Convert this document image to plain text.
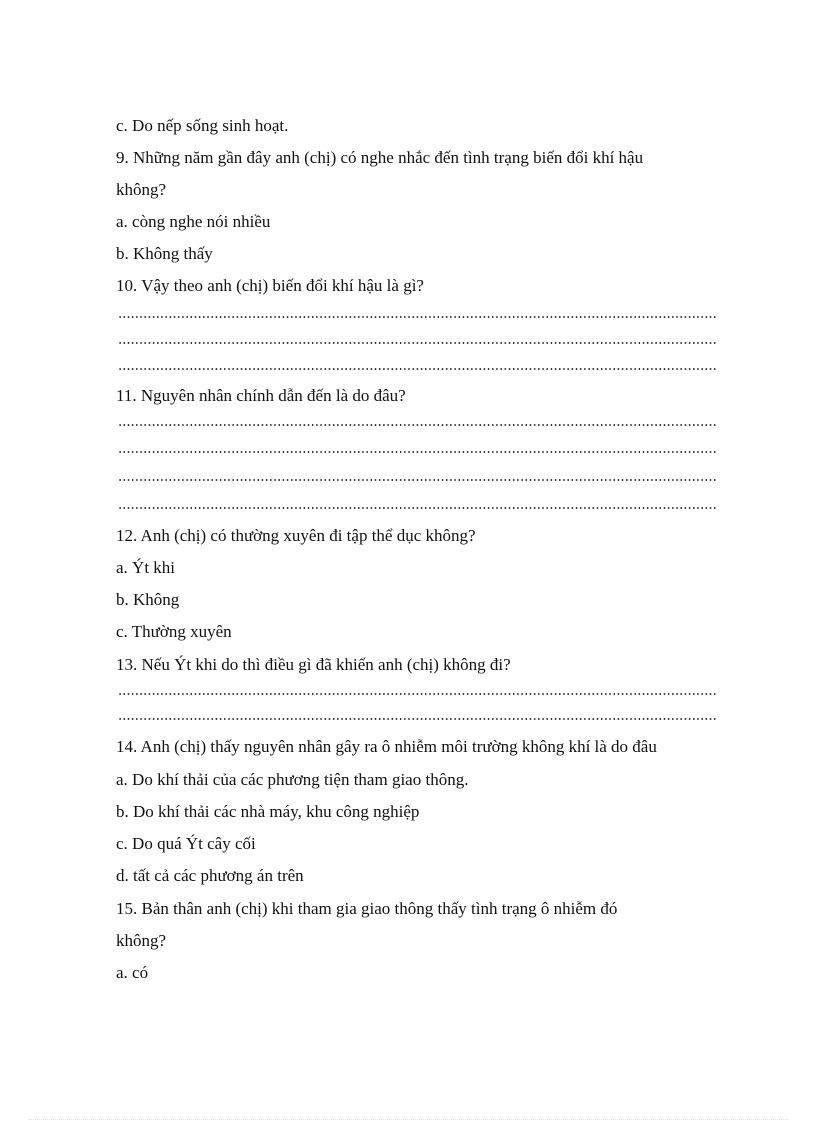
c. Do nếp sống sinh hoạt.
9. Những năm gần đây anh (chị) có nghe nhắc đến tình trạng biến đổi khí hậu
không?
a. còng nghe nói nhiều
b. Không thấy
10. Vậy theo anh (chị) biến đổi khí hậu là gì?
11. Nguyên nhân chính dẫn đến là do đâu?
12. Anh (chị) có thường xuyên đi tập thể dục không?
a. Ýt khi
b. Không
c. Thường xuyên
13. Nếu Ýt khi do thì điều gì đã khiến anh (chị) không đi?
14. Anh (chị) thấy nguyên nhân gây ra ô nhiễm môi trường không khí là do đâu
a. Do khí thải của các phương tiện tham giao thông.
b. Do khí thải các nhà máy, khu công nghiệp
c. Do quá Ýt cây cối
d. tất cả các phương án trên
15. Bản thân anh (chị) khi tham gia giao thông thấy tình trạng ô nhiễm đó
không?
a. có
